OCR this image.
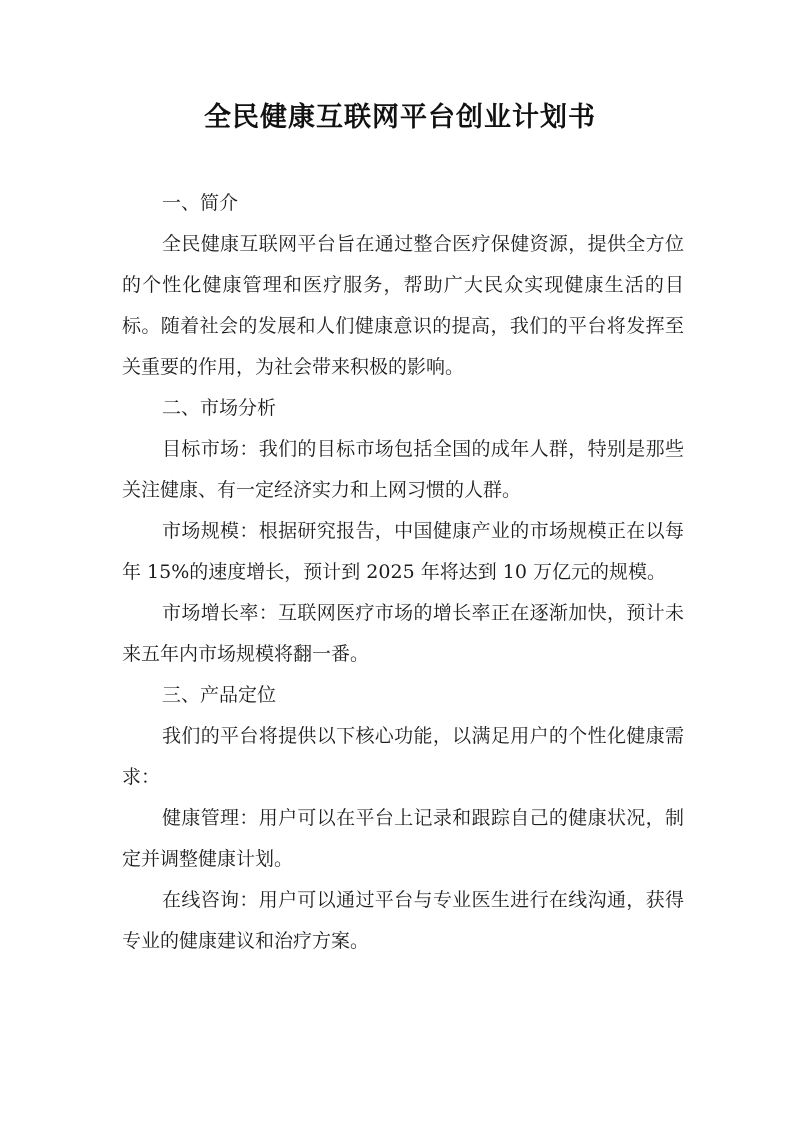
全民健康互联网平台创业计划书

一、简介

全民健康互联网平台旨在通过整合医疗保健资源，提供全方位的个性化健康管理和医疗服务，帮助广大民众实现健康生活的目标。随着社会的发展和人们健康意识的提高，我们的平台将发挥至关重要的作用，为社会带来积极的影响。

二、市场分析

目标市场：我们的目标市场包括全国的成年人群，特别是那些关注健康、有一定经济实力和上网习惯的人群。

市场规模：根据研究报告，中国健康产业的市场规模正在以每年 15%的速度增长，预计到 2025 年将达到 10 万亿元的规模。

市场增长率：互联网医疗市场的增长率正在逐渐加快，预计未来五年内市场规模将翻一番。

三、产品定位

我们的平台将提供以下核心功能，以满足用户的个性化健康需求：

健康管理：用户可以在平台上记录和跟踪自己的健康状况，制定并调整健康计划。

在线咨询：用户可以通过平台与专业医生进行在线沟通，获得专业的健康建议和治疗方案。
